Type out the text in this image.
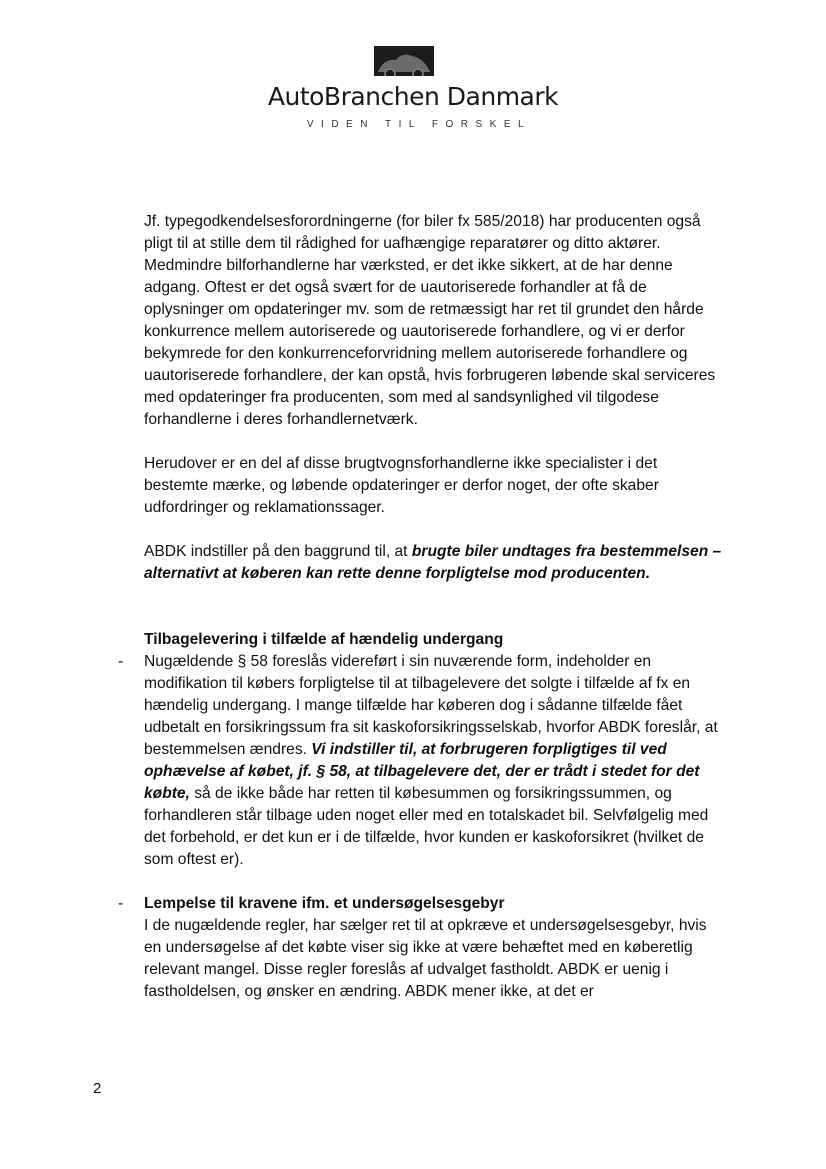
AutoBranchen Danmark
VIDEN TIL FORSKEL

Jf. typegodkendelsesforordningerne (for biler fx 585/2018) har producenten også pligt til at stille dem til rådighed for uafhængige reparatører og ditto aktører.

Medmindre bilforhandlerne har værksted, er det ikke sikkert, at de har denne adgang. Oftest er det også svært for de uautoriserede forhandler at få de oplysninger om opdateringer mv. som de retmæssigt har ret til grundet den hårde konkurrence mellem autoriserede og uautoriserede forhandlere, og vi er derfor bekymrede for den konkurrenceforvridning mellem autoriserede forhandlere og uautoriserede forhandlere, der kan opstå, hvis forbrugeren løbende skal serviceres med opdateringer fra producenten, som med al sandsynlighed vil tilgodese forhandlerne i deres forhandlernetværk.

Herudover er en del af disse brugtvognsforhandlerne ikke specialister i det bestemte mærke, og løbende opdateringer er derfor noget, der ofte skaber udfordringer og reklamationssager.

ABDK indstiller på den baggrund til, at brugte biler undtages fra bestemmelsen – alternativt at køberen kan rette denne forpligtelse mod producenten.

Tilbagelevering i tilfælde af hændelig undergang

- Nugældende § 58 foreslås videreført i sin nuværende form, indeholder en modifikation til købers forpligtelse til at tilbagelevere det solgte i tilfælde af fx en hændelig undergang. I mange tilfælde har køberen dog i sådanne tilfælde fået udbetalt en forsikringssum fra sit kaskoforsikringsselskab, hvorfor ABDK foreslår, at bestemmelsen ændres. Vi indstiller til, at forbrugeren forpligtiges til ved ophævelse af købet, jf. § 58, at tilbagelevere det, der er trådt i stedet for det købte, så de ikke både har retten til købesummen og forsikringssummen, og forhandleren står tilbage uden noget eller med en totalskadet bil. Selvfølgelig med det forbehold, er det kun er i de tilfælde, hvor kunden er kaskoforsikret (hvilket de som oftest er).

- Lempelse til kravene ifm. et undersøgelsesgebyr

I de nugældende regler, har sælger ret til at opkræve et undersøgelsesgebyr, hvis en undersøgelse af det købte viser sig ikke at være behæftet med en køberetlig relevant mangel. Disse regler foreslås af udvalget fastholdt. ABDK er uenig i fastholdelsen, og ønsker en ændring. ABDK mener ikke, at det er

2
